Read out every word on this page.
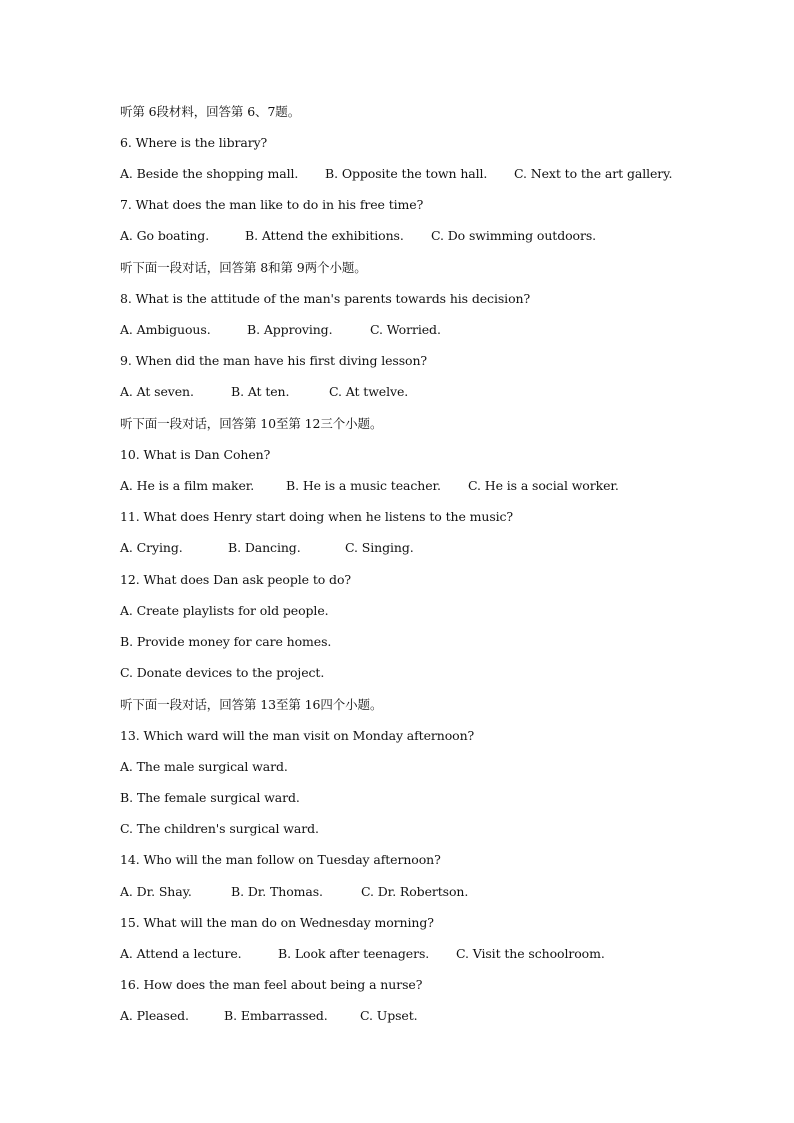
听第 6段材料，回答第 6、7题。
6. Where is the library?
A. Beside the shopping mall. B. Opposite the town hall. C. Next to the art gallery.
7. What does the man like to do in his free time?
A. Go boating.	B. Attend the exhibitions. C. Do swimming outdoors.
听下面一段对话，回答第 8和第 9两个小题。
8. What is the attitude of the man's parents towards his decision?
A. Ambiguous.	B. Approving.	C. Worried.
9. When did the man have his first diving lesson?
A. At seven.	B. At ten.	C. At twelve.
听下面一段对话，回答第 10至第 12三个小题。
10. What is Dan Cohen?
A. He is a film maker.	B. He is a music teacher. C. He is a social worker.
11. What does Henry start doing when he listens to the music?
A. Crying.	B. Dancing.	C. Singing.
12. What does Dan ask people to do?
A. Create playlists for old people.
B. Provide money for care homes.
C. Donate devices to the project.
听下面一段对话，回答第 13至第 16四个小题。
13. Which ward will the man visit on Monday afternoon?
A. The male surgical ward.
B. The female surgical ward.
C. The children's surgical ward.
14. Who will the man follow on Tuesday afternoon?
A. Dr. Shay.	B. Dr. Thomas.	C. Dr. Robertson.
15. What will the man do on Wednesday morning?
A. Attend a lecture.	B. Look after teenagers. C. Visit the schoolroom.
16. How does the man feel about being a nurse?
A. Pleased.	B. Embarrassed.	C. Upset.
